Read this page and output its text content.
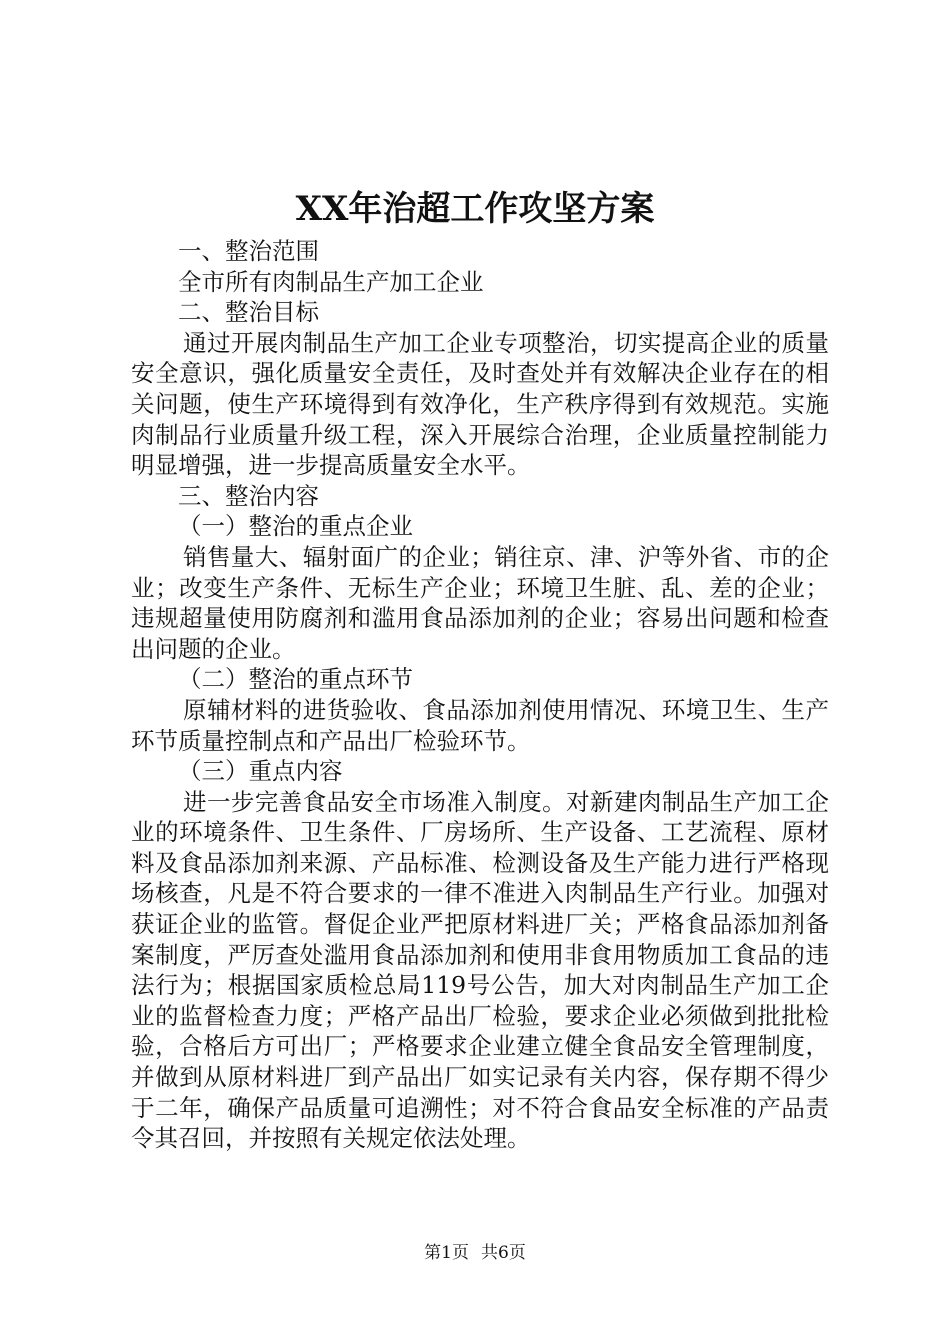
XX年治超工作攻坚方案

一、整治范围

全市所有肉制品生产加工企业

二、整治目标

通过开展肉制品生产加工企业专项整治，切实提高企业的质量安全意识，强化质量安全责任，及时查处并有效解决企业存在的相关问题，使生产环境得到有效净化，生产秩序得到有效规范。实施肉制品行业质量升级工程，深入开展综合治理，企业质量控制能力明显增强，进一步提高质量安全水平。

三、整治内容

（一）整治的重点企业

销售量大、辐射面广的企业；销往京、津、沪等外省、市的企业；改变生产条件、无标生产企业；环境卫生脏、乱、差的企业；违规超量使用防腐剂和滥用食品添加剂的企业；容易出问题和检查出问题的企业。

（二）整治的重点环节

原辅材料的进货验收、食品添加剂使用情况、环境卫生、生产环节质量控制点和产品出厂检验环节。

（三）重点内容

进一步完善食品安全市场准入制度。对新建肉制品生产加工企业的环境条件、卫生条件、厂房场所、生产设备、工艺流程、原材料及食品添加剂来源、产品标准、检测设备及生产能力进行严格现场核查，凡是不符合要求的一律不准进入肉制品生产行业。加强对获证企业的监管。督促企业严把原材料进厂关；严格食品添加剂备案制度，严厉查处滥用食品添加剂和使用非食用物质加工食品的违法行为；根据国家质检总局119号公告，加大对肉制品生产加工企业的监督检查力度；严格产品出厂检验，要求企业必须做到批批检验，合格后方可出厂；严格要求企业建立健全食品安全管理制度，并做到从原材料进厂到产品出厂如实记录有关内容，保存期不得少于二年，确保产品质量可追溯性；对不符合食品安全标准的产品责令其召回，并按照有关规定依法处理。

第1页 共6页
